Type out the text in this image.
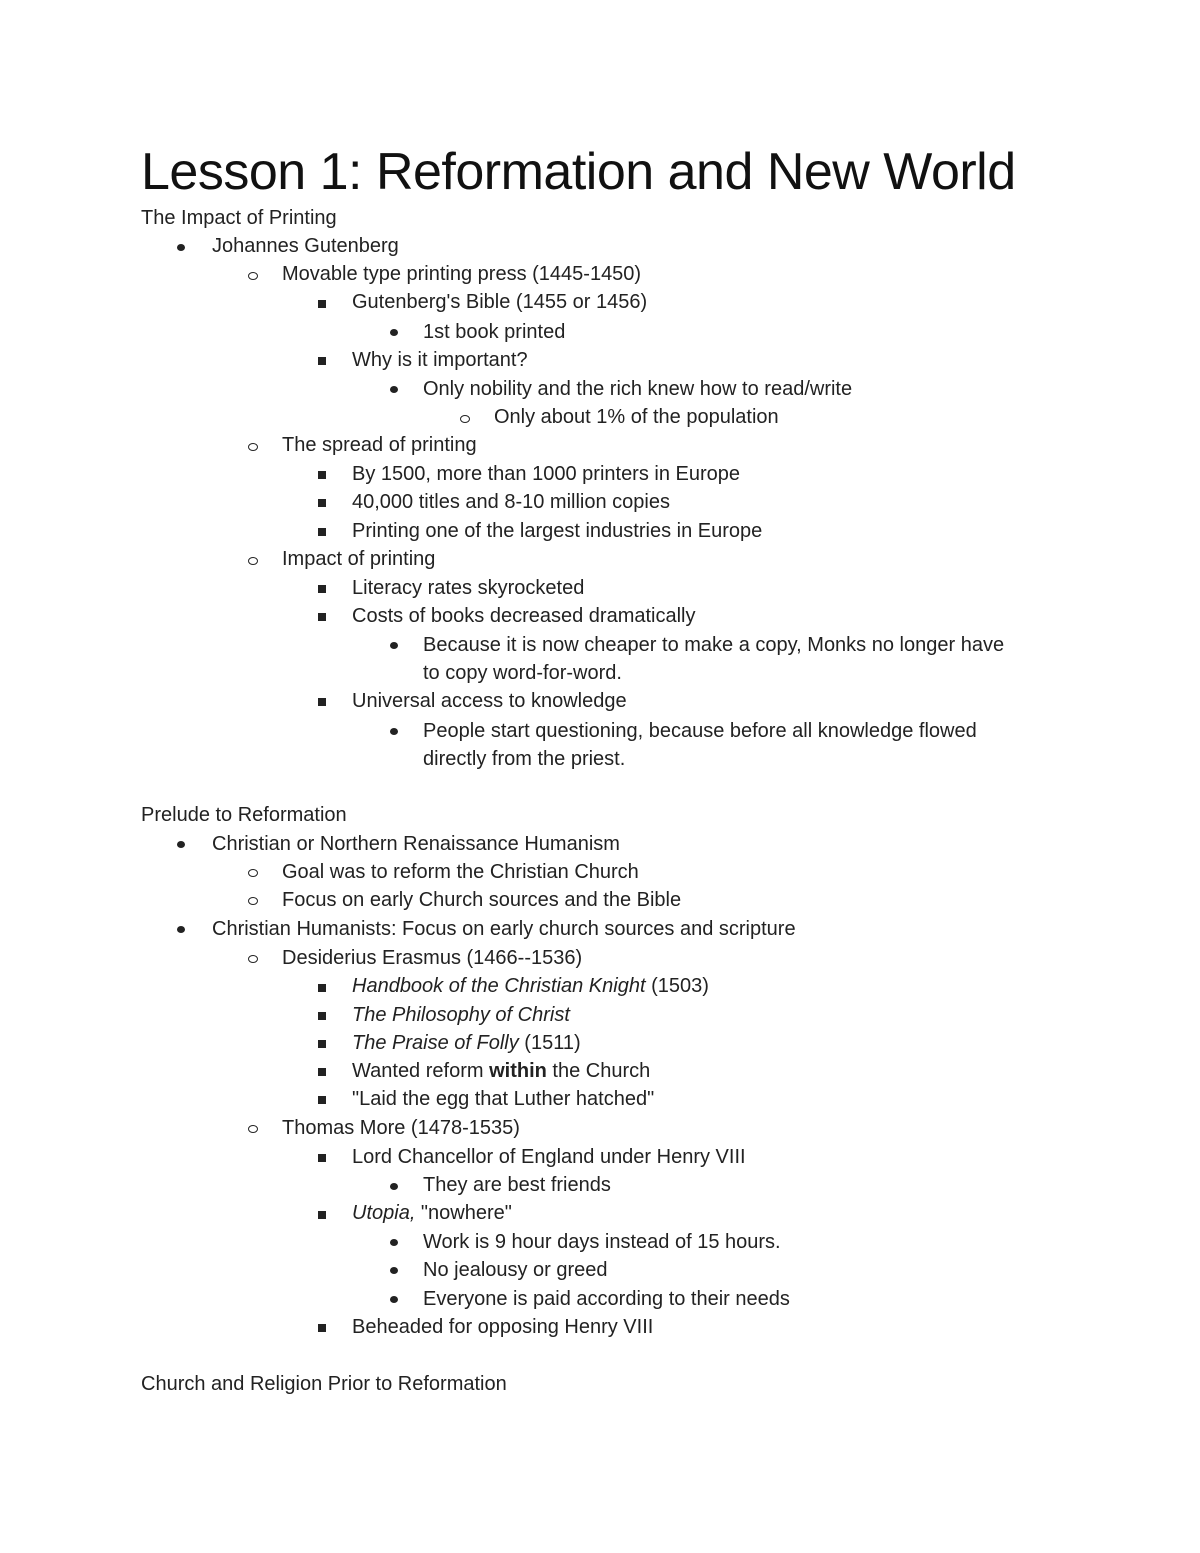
Lesson 1: Reformation and New World
The Impact of Printing
Johannes Gutenberg
Movable type printing press (1445-1450)
Gutenberg's Bible (1455 or 1456)
1st book printed
Why is it important?
Only nobility and the rich knew how to read/write
Only about 1% of the population
The spread of printing
By 1500, more than 1000 printers in Europe
40,000 titles and 8-10 million copies
Printing one of the largest industries in Europe
Impact of printing
Literacy rates skyrocketed
Costs of books decreased dramatically
Because it is now cheaper to make a copy, Monks no longer have
to copy word-for-word.
Universal access to knowledge
People start questioning, because before all knowledge flowed
directly from the priest.
Prelude to Reformation
Christian or Northern Renaissance Humanism
Goal was to reform the Christian Church
Focus on early Church sources and the Bible
Christian Humanists: Focus on early church sources and scripture
Desiderius Erasmus (1466--1536)
Handbook of the Christian Knight (1503)
The Philosophy of Christ
The Praise of Folly (1511)
Wanted reform within the Church
"Laid the egg that Luther hatched"
Thomas More (1478-1535)
Lord Chancellor of England under Henry VIII
They are best friends
Utopia, "nowhere"
Work is 9 hour days instead of 15 hours.
No jealousy or greed
Everyone is paid according to their needs
Beheaded for opposing Henry VIII
Church and Religion Prior to Reformation
